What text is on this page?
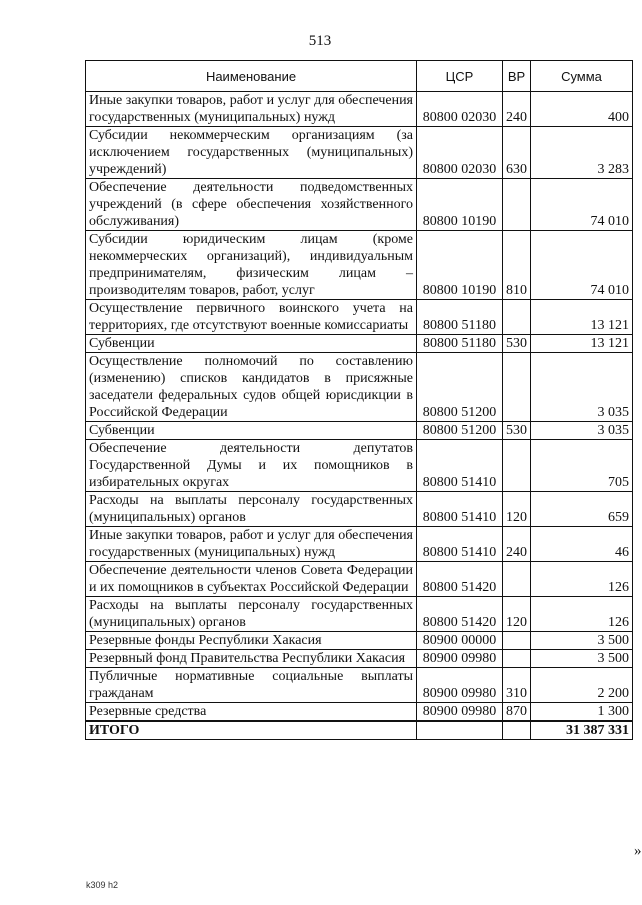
513
Наименование	ЦСР	ВР	Сумма
Иные закупки товаров, работ и услуг для обеспечения государственных (муниципальных) нужд	80800 02030	240	400
Субсидии некоммерческим организациям (за исключением государственных (муниципальных) учреждений)	80800 02030	630	3 283
Обеспечение деятельности подведомственных учреждений (в сфере обеспечения хозяйственного обслуживания)	80800 10190		74 010
Субсидии юридическим лицам (кроме некоммерческих организаций), индивидуальным предпринимателям, физическим лицам – производителям товаров, работ, услуг	80800 10190	810	74 010
Осуществление первичного воинского учета на территориях, где отсутствуют военные комиссариаты	80800 51180		13 121
Субвенции	80800 51180	530	13 121
Осуществление полномочий по составлению (изменению) списков кандидатов в присяжные заседатели федеральных судов общей юрисдикции в Российской Федерации	80800 51200		3 035
Субвенции	80800 51200	530	3 035
Обеспечение деятельности депутатов Государственной Думы и их помощников в избирательных округах	80800 51410		705
Расходы на выплаты персоналу государственных (муниципальных) органов	80800 51410	120	659
Иные закупки товаров, работ и услуг для обеспечения государственных (муниципальных) нужд	80800 51410	240	46
Обеспечение деятельности членов Совета Федерации и их помощников в субъектах Российской Федерации	80800 51420		126
Расходы на выплаты персоналу государственных (муниципальных) органов	80800 51420	120	126
Резервные фонды Республики Хакасия	80900 00000		3 500
Резервный фонд Правительства Республики Хакасия	80900 09980		3 500
Публичные нормативные социальные выплаты гражданам	80900 09980	310	2 200
Резервные средства	80900 09980	870	1 300
ИТОГО			31 387 331
»
k309 h2
